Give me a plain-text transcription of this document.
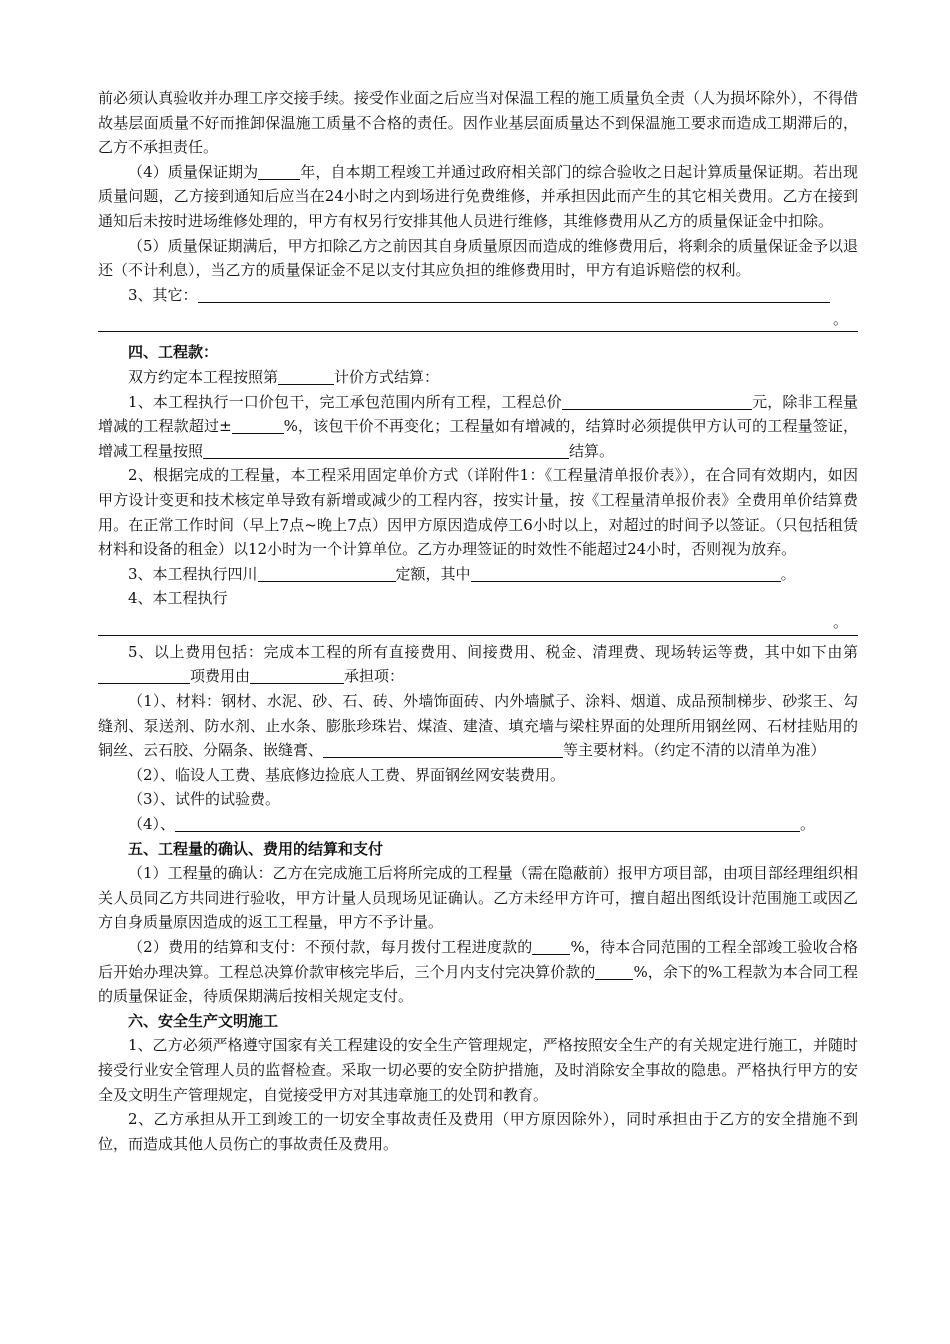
前必须认真验收并办理工序交接手续。接受作业面之后应当对保温工程的施工质量负全责（人为损坏除外），不得借故基层面质量不好而推卸保温施工质量不合格的责任。因作业基层面质量达不到保温施工要求而造成工期滞后的，乙方不承担责任。

（4）质量保证期为	年，自本期工程竣工并通过政府相关部门的综合验收之日起计算质量保证期。若出现质量问题，乙方接到通知后应当在24小时之内到场进行免费维修，并承担因此而产生的其它相关费用。乙方在接到通知后未按时进场维修处理的，甲方有权另行安排其他人员进行维修，其维修费用从乙方的质量保证金中扣除。

（5）质量保证期满后，甲方扣除乙方之前因其自身质量原因而造成的维修费用后，将剩余的质量保证金予以退还（不计利息），当乙方的质量保证金不足以支付其应负担的维修费用时，甲方有追诉赔偿的权利。

3、其它：

。

四、工程款：

双方约定本工程按照第	计价方式结算：

1、本工程执行一口价包干，完工承包范围内所有工程，工程总价	元，除非工程量增减的工程款超过±	%，该包干价不再变化；工程量如有增减的，结算时必须提供甲方认可的工程量签证，增减工程量按照	结算。

2、根据完成的工程量，本工程采用固定单价方式（详附件1：《工程量清单报价表》），在合同有效期内，如因甲方设计变更和技术核定单导致有新增或减少的工程内容，按实计量，按《工程量清单报价表》全费用单价结算费用。在正常工作时间（早上7点~晚上7点）因甲方原因造成停工6小时以上，对超过的时间予以签证。（只包括租赁材料和设备的租金）以12小时为一个计算单位。乙方办理签证的时效性不能超过24小时，否则视为放弃。

3、本工程执行四川	定额，其中	。

4、本工程执行

。

5、以上费用包括：完成本工程的所有直接费用、间接费用、税金、清理费、现场转运等费，其中如下由第项费用由	承担项：

（1）、材料：钢材、水泥、砂、石、砖、外墙饰面砖、内外墙腻子、涂料、烟道、成品预制梯步、砂浆王、勾缝剂、泵送剂、防水剂、止水条、膨胀珍珠岩、煤渣、建渣、填充墙与梁柱界面的处理所用钢丝网、石材挂贴用的铜丝、云石胶、分隔条、嵌缝膏、	等主要材料。（约定不清的以清单为准）

（2）、临设人工费、基底修边捡底人工费、界面钢丝网安装费用。

（3）、试件的试验费。

（4）、	。

五、工程量的确认、费用的结算和支付

（1）工程量的确认：乙方在完成施工后将所完成的工程量（需在隐蔽前）报甲方项目部，由项目部经理组织相关人员同乙方共同进行验收，甲方计量人员现场见证确认。乙方未经甲方许可，擅自超出图纸设计范围施工或因乙方自身质量原因造成的返工工程量，甲方不予计量。

（2）费用的结算和支付：不预付款，每月拨付工程进度款的	%，待本合同范围的工程全部竣工验收合格后开始办理决算。工程总决算价款审核完毕后，三个月内支付完决算价款的	%，余下的%工程款为本合同工程的质量保证金，待质保期满后按相关规定支付。

六、安全生产文明施工

1、乙方必须严格遵守国家有关工程建设的安全生产管理规定，严格按照安全生产的有关规定进行施工，并随时接受行业安全管理人员的监督检查。采取一切必要的安全防护措施，及时消除安全事故的隐患。严格执行甲方的安全及文明生产管理规定，自觉接受甲方对其违章施工的处罚和教育。

2、乙方承担从开工到竣工的一切安全事故责任及费用（甲方原因除外），同时承担由于乙方的安全措施不到位，而造成其他人员伤亡的事故责任及费用。
